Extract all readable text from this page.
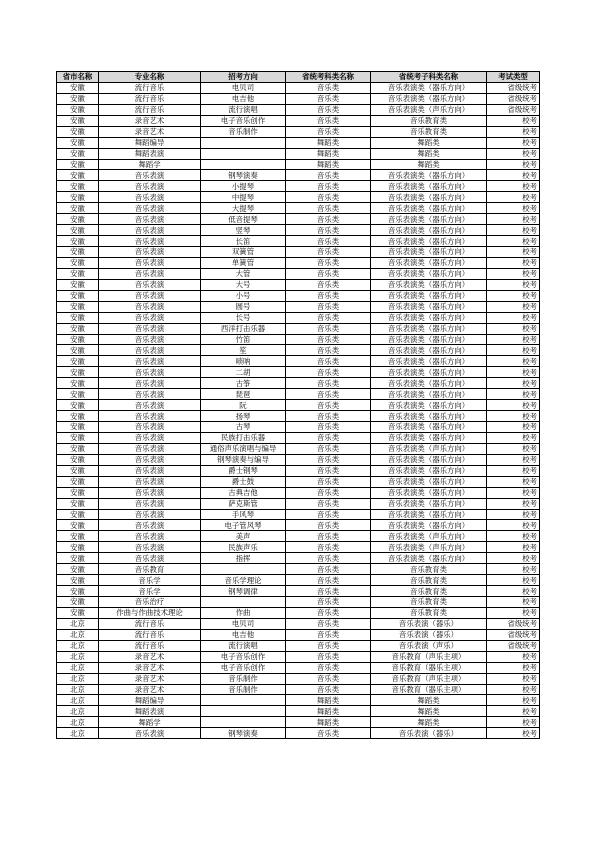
省市名称	专业名称	招考方向	省统考科类名称	省统考子科类名称	考试类型
安徽	流行音乐	电贝司	音乐类	音乐表演类（器乐方向）	省级统考
安徽	流行音乐	电吉他	音乐类	音乐表演类（器乐方向）	省级统考
安徽	流行音乐	流行演唱	音乐类	音乐表演类（声乐方向）	省级统考
安徽	录音艺术	电子音乐创作	音乐类	音乐教育类	校考
安徽	录音艺术	音乐制作	音乐类	音乐教育类	校考
安徽	舞蹈编导		舞蹈类	舞蹈类	校考
安徽	舞蹈表演		舞蹈类	舞蹈类	校考
安徽	舞蹈学		舞蹈类	舞蹈类	校考
安徽	音乐表演	钢琴演奏	音乐类	音乐表演类（器乐方向）	校考
安徽	音乐表演	小提琴	音乐类	音乐表演类（器乐方向）	校考
安徽	音乐表演	中提琴	音乐类	音乐表演类（器乐方向）	校考
安徽	音乐表演	大提琴	音乐类	音乐表演类（器乐方向）	校考
安徽	音乐表演	低音提琴	音乐类	音乐表演类（器乐方向）	校考
安徽	音乐表演	竖琴	音乐类	音乐表演类（器乐方向）	校考
安徽	音乐表演	长笛	音乐类	音乐表演类（器乐方向）	校考
安徽	音乐表演	双簧管	音乐类	音乐表演类（器乐方向）	校考
安徽	音乐表演	单簧管	音乐类	音乐表演类（器乐方向）	校考
安徽	音乐表演	大管	音乐类	音乐表演类（器乐方向）	校考
安徽	音乐表演	大号	音乐类	音乐表演类（器乐方向）	校考
安徽	音乐表演	小号	音乐类	音乐表演类（器乐方向）	校考
安徽	音乐表演	圆号	音乐类	音乐表演类（器乐方向）	校考
安徽	音乐表演	长号	音乐类	音乐表演类（器乐方向）	校考
安徽	音乐表演	西洋打击乐器	音乐类	音乐表演类（器乐方向）	校考
安徽	音乐表演	竹笛	音乐类	音乐表演类（器乐方向）	校考
安徽	音乐表演	笙	音乐类	音乐表演类（器乐方向）	校考
安徽	音乐表演	唢呐	音乐类	音乐表演类（器乐方向）	校考
安徽	音乐表演	二胡	音乐类	音乐表演类（器乐方向）	校考
安徽	音乐表演	古筝	音乐类	音乐表演类（器乐方向）	校考
安徽	音乐表演	琵琶	音乐类	音乐表演类（器乐方向）	校考
安徽	音乐表演	阮	音乐类	音乐表演类（器乐方向）	校考
安徽	音乐表演	扬琴	音乐类	音乐表演类（器乐方向）	校考
安徽	音乐表演	古琴	音乐类	音乐表演类（器乐方向）	校考
安徽	音乐表演	民族打击乐器	音乐类	音乐表演类（器乐方向）	校考
安徽	音乐表演	通俗声乐演唱与编导	音乐类	音乐表演类（声乐方向）	校考
安徽	音乐表演	钢琴演奏与编导	音乐类	音乐表演类（器乐方向）	校考
安徽	音乐表演	爵士钢琴	音乐类	音乐表演类（器乐方向）	校考
安徽	音乐表演	爵士鼓	音乐类	音乐表演类（器乐方向）	校考
安徽	音乐表演	古典吉他	音乐类	音乐表演类（器乐方向）	校考
安徽	音乐表演	萨克斯管	音乐类	音乐表演类（器乐方向）	校考
安徽	音乐表演	手风琴	音乐类	音乐表演类（器乐方向）	校考
安徽	音乐表演	电子管风琴	音乐类	音乐表演类（器乐方向）	校考
安徽	音乐表演	美声	音乐类	音乐表演类（声乐方向）	校考
安徽	音乐表演	民族声乐	音乐类	音乐表演类（声乐方向）	校考
安徽	音乐表演	指挥	音乐类	音乐表演类（器乐方向）	校考
安徽	音乐教育		音乐类	音乐教育类	校考
安徽	音乐学	音乐学理论	音乐类	音乐教育类	校考
安徽	音乐学	钢琴调律	音乐类	音乐教育类	校考
安徽	音乐治疗		音乐类	音乐教育类	校考
安徽	作曲与作曲技术理论	作曲	音乐类	音乐教育类	校考
北京	流行音乐	电贝司	音乐类	音乐表演（器乐）	省级统考
北京	流行音乐	电吉他	音乐类	音乐表演（器乐）	省级统考
北京	流行音乐	流行演唱	音乐类	音乐表演（声乐）	省级统考
北京	录音艺术	电子音乐创作	音乐类	音乐教育（声乐主项）	校考
北京	录音艺术	电子音乐创作	音乐类	音乐教育（器乐主项）	校考
北京	录音艺术	音乐制作	音乐类	音乐教育（声乐主项）	校考
北京	录音艺术	音乐制作	音乐类	音乐教育（器乐主项）	校考
北京	舞蹈编导		舞蹈类	舞蹈类	校考
北京	舞蹈表演		舞蹈类	舞蹈类	校考
北京	舞蹈学		舞蹈类	舞蹈类	校考
北京	音乐表演	钢琴演奏	音乐类	音乐表演（器乐）	校考
